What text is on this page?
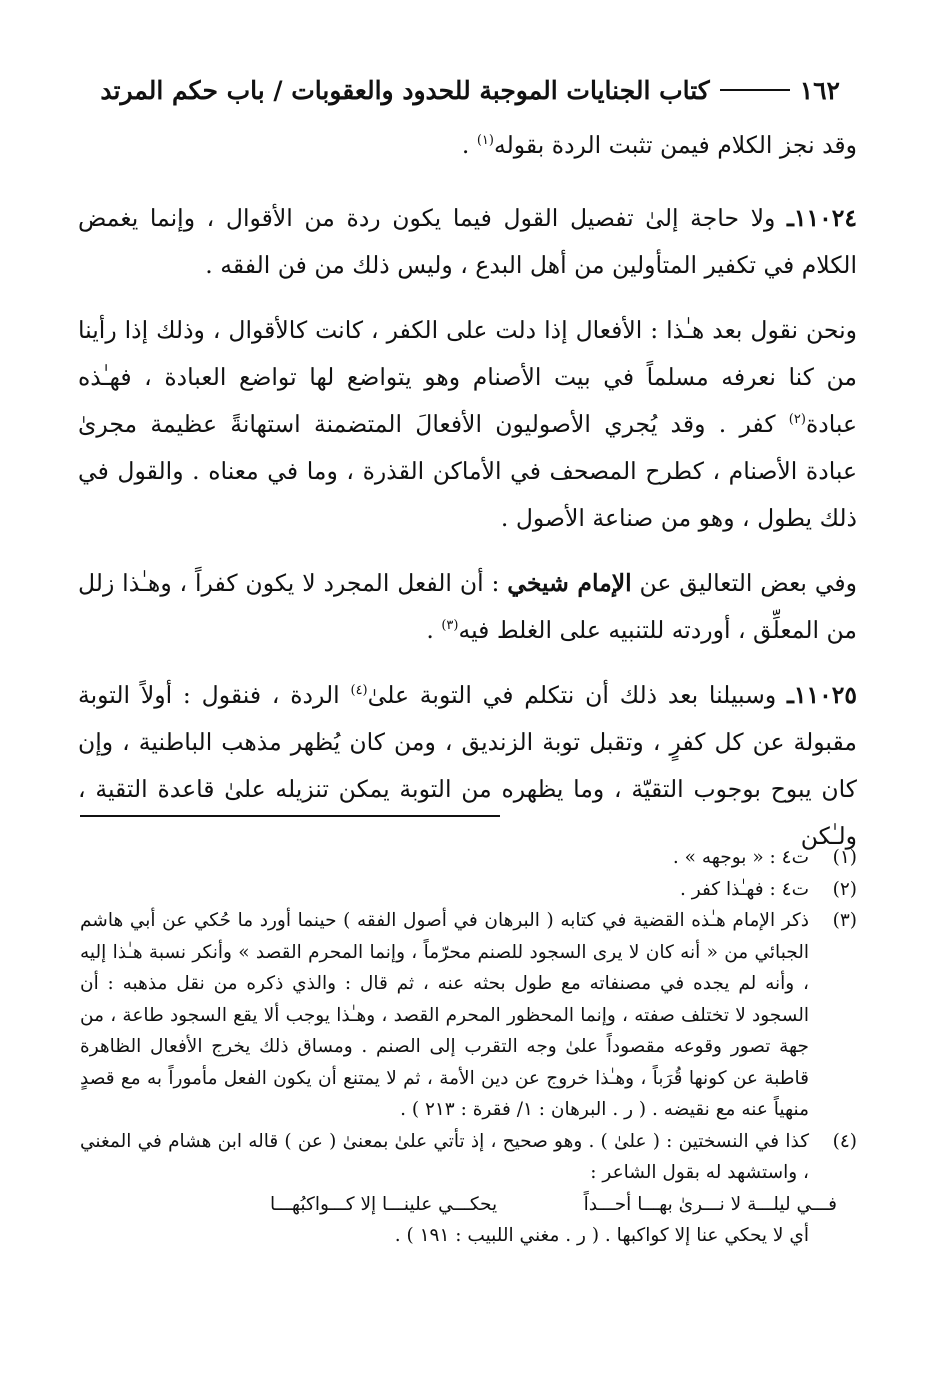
١٦٢
كتاب الجنايات الموجبة للحدود والعقوبات / باب حكم المرتد

وقد نجز الكلام فيمن تثبت الردة بقوله$^{(١)}$ .

١١٠٢٤ـ ولا حاجة إلىٰ تفصيل القول فيما يكون ردة من الأقوال ، وإنما يغمض الكلام في تكفير المتأولين من أهل البدع ، وليس ذلك من فن الفقه .

ونحن نقول بعد هـٰذا : الأفعال إذا دلت على الكفر ، كانت كالأقوال ، وذلك إذا رأينا من كنا نعرفه مسلماً في بيت الأصنام وهو يتواضع لها تواضع العبادة ، فهـٰذه عبادة$^{(٢)}$ كفر . وقد يُجري الأصوليون الأفعالَ المتضمنة استهانةً عظيمة مجرىٰ عبادة الأصنام ، كطرح المصحف في الأماكن القذرة ، وما في معناه . والقول في ذلك يطول ، وهو من صناعة الأصول .

وفي بعض التعاليق عن الإمام شيخي : أن الفعل المجرد لا يكون كفراً ، وهـٰذا زلل من المعلِّق ، أوردته للتنبيه على الغلط فيه$^{(٣)}$ .

١١٠٢٥ـ وسبيلنا بعد ذلك أن نتكلم في التوبة علىٰ$^{(٤)}$ الردة ، فنقول : أولاً التوبة مقبولة عن كل كفرٍ ، وتقبل توبة الزنديق ، ومن كان يُظهر مذهب الباطنية ، وإن كان يبوح بوجوب التقيّة ، وما يظهره من التوبة يمكن تنزيله علىٰ قاعدة التقية ، ولـٰكن

(١)
ت٤ : « بوجهه » .
(٢)
ت٤ : فهـٰذا كفر .
(٣)
ذكر الإمام هـٰذه القضية في كتابه ( البرهان في أصول الفقه ) حينما أورد ما حُكي عن أبي هاشم الجبائي من « أنه كان لا يرى السجود للصنم محرّماً ، وإنما المحرم القصد » وأنكر نسبة هـٰذا إليه ، وأنه لم يجده في مصنفاته مع طول بحثه عنه ، ثم قال : والذي ذكره من نقل مذهبه : أن السجود لا تختلف صفته ، وإنما المحظور المحرم القصد ، وهـٰذا يوجب ألا يقع السجود طاعة ، من جهة تصور وقوعه مقصوداً علىٰ وجه التقرب إلى الصنم . ومساق ذلك يخرج الأفعال الظاهرة قاطبة عن كونها قُرَباً ، وهـٰذا خروج عن دين الأمة ، ثم لا يمتنع أن يكون الفعل مأموراً به مع قصدٍ منهياً عنه مع نقيضه . ( ر . البرهان : ١/ فقرة : ٢١٣ ) .
(٤)
كذا في النسختين : ( علىٰ ) . وهو صحيح ، إذ تأتي علىٰ بمعنىٰ ( عن ) قاله ابن هشام في المغني ، واستشهد له بقول الشاعر :
فـــي ليلـــة لا نـــرىٰ بهـــا أحـــداً
يحكـــي علينـــا إلا كـــواكبُهـــا
أي لا يحكي عنا إلا كواكبها . ( ر . مغني اللبيب : ١٩١ ) .
